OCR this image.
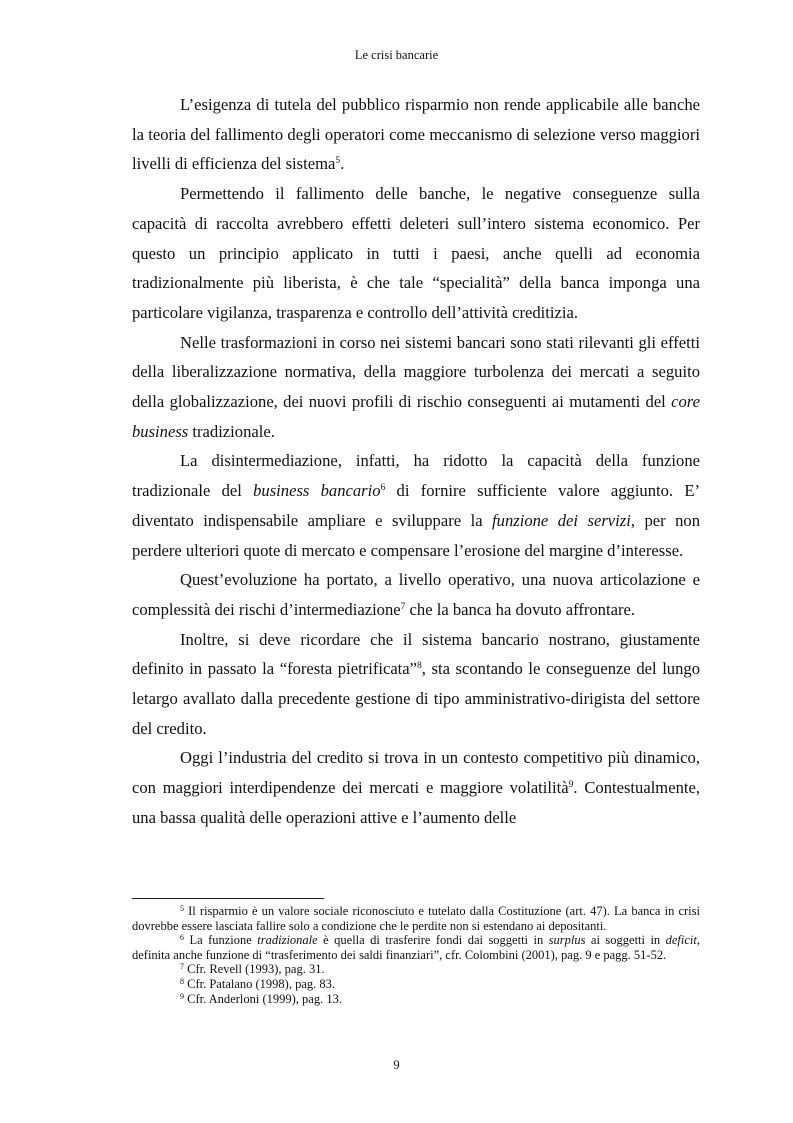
Le crisi bancarie

L’esigenza di tutela del pubblico risparmio non rende applicabile alle banche la teoria del fallimento degli operatori come meccanismo di selezione verso maggiori livelli di efficienza del sistema$^5$.

Permettendo il fallimento delle banche, le negative conseguenze sulla capacità di raccolta avrebbero effetti deleteri sull’intero sistema economico. Per questo un principio applicato in tutti i paesi, anche quelli ad economia tradizionalmente più liberista, è che tale “specialità” della banca imponga una particolare vigilanza, trasparenza e controllo dell’attività creditizia.

Nelle trasformazioni in corso nei sistemi bancari sono stati rilevanti gli effetti della liberalizzazione normativa, della maggiore turbolenza dei mercati a seguito della globalizzazione, dei nuovi profili di rischio conseguenti ai mutamenti del core business tradizionale.

La disintermediazione, infatti, ha ridotto la capacità della funzione tradizionale del business bancario$^6$ di fornire sufficiente valore aggiunto. E’ diventato indispensabile ampliare e sviluppare la funzione dei servizi, per non perdere ulteriori quote di mercato e compensare l’erosione del margine d’interesse.

Quest’evoluzione ha portato, a livello operativo, una nuova articolazione e complessità dei rischi d’intermediazione$^7$ che la banca ha dovuto affrontare.

Inoltre, si deve ricordare che il sistema bancario nostrano, giustamente definito in passato la “foresta pietrificata”$^8$, sta scontando le conseguenze del lungo letargo avallato dalla precedente gestione di tipo amministrativo-dirigista del settore del credito.

Oggi l’industria del credito si trova in un contesto competitivo più dinamico, con maggiori interdipendenze dei mercati e maggiore volatilità$^9$. Contestualmente, una bassa qualità delle operazioni attive e l’aumento delle

$^5$ Il risparmio è un valore sociale riconosciuto e tutelato dalla Costituzione (art. 47). La banca in crisi dovrebbe essere lasciata fallire solo a condizione che le perdite non si estendano ai depositanti.

$^6$ La funzione tradizionale è quella di trasferire fondi dai soggetti in surplus ai soggetti in deficit, definita anche funzione di “trasferimento dei saldi finanziari”, cfr. Colombini (2001), pag. 9 e pagg. 51-52.

$^7$ Cfr. Revell (1993), pag. 31.

$^8$ Cfr. Patalano (1998), pag. 83.

$^9$ Cfr. Anderloni (1999), pag. 13.

9
